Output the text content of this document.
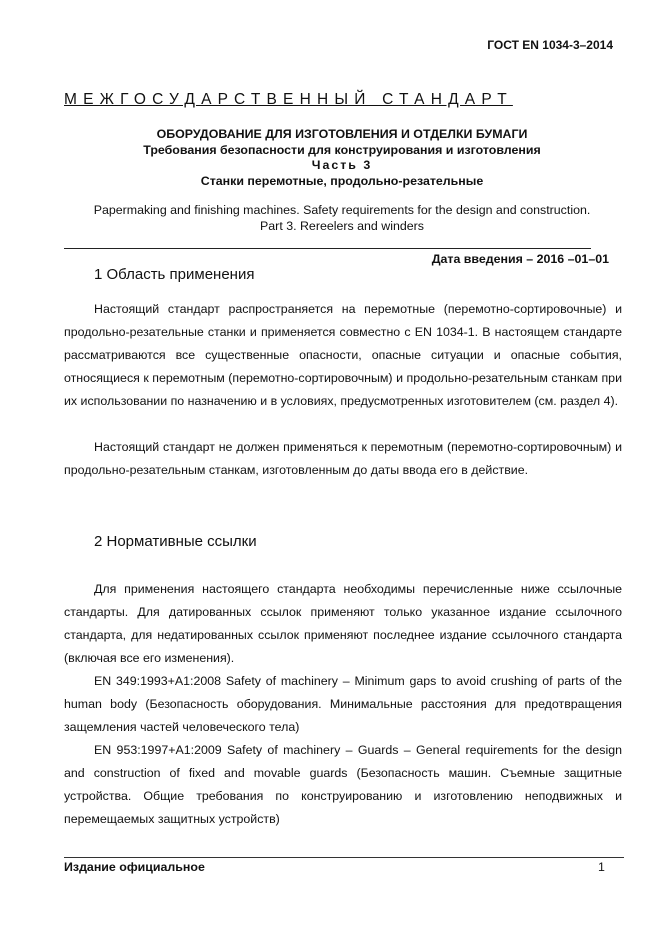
ГОСТ EN 1034-3–2014
МЕЖГОСУДАРСТВЕННЫЙ СТАНДАРТ
ОБОРУДОВАНИЕ ДЛЯ ИЗГОТОВЛЕНИЯ И ОТДЕЛКИ БУМАГИ
Требования безопасности для конструирования и изготовления
Часть 3
Станки перемотные, продольно-резательные
Papermaking and finishing machines. Safety requirements for the design and construction.
Part 3. Rereelers and winders
Дата введения – 2016 –01–01
1 Область применения

Настоящий стандарт распространяется на перемотные (перемотно-сортировочные) и продольно-резательные станки и применяется совместно с EN 1034-1. В настоящем стандарте рассматриваются все существенные опасности, опасные ситуации и опасные события, относящиеся к перемотным (перемотно-сортировочным) и продольно-резательным станкам при их использовании по назначению и в условиях, предусмотренных изготовителем (см. раздел 4).

Настоящий стандарт не должен применяться к перемотным (перемотно-сортировочным) и продольно-резательным станкам, изготовленным до даты ввода его в действие.

2 Нормативные ссылки

Для применения настоящего стандарта необходимы перечисленные ниже ссылочные стандарты. Для датированных ссылок применяют только указанное издание ссылочного стандарта, для недатированных ссылок применяют последнее издание ссылочного стандарта (включая все его изменения).

EN 349:1993+A1:2008 Safety of machinery – Minimum gaps to avoid crushing of parts of the human body (Безопасность оборудования. Минимальные расстояния для предотвращения защемления частей человеческого тела)

EN 953:1997+A1:2009 Safety of machinery – Guards – General requirements for the design and construction of fixed and movable guards (Безопасность машин. Съемные защитные устройства. Общие требования по конструированию и изготовлению неподвижных и перемещаемых защитных устройств)

Издание официальное	1
